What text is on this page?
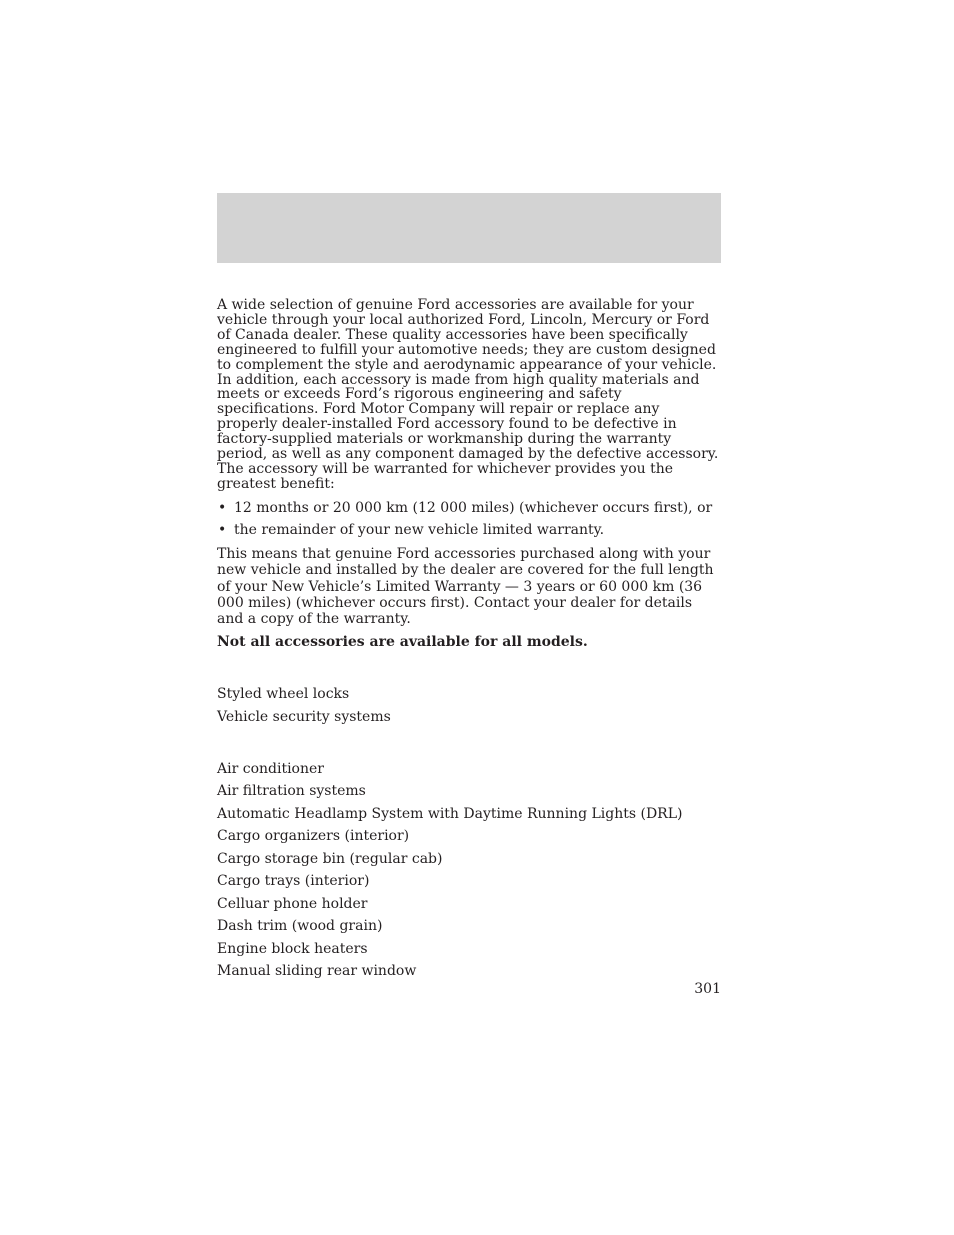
A wide selection of genuine Ford accessories are available for your vehicle through your local authorized Ford, Lincoln, Mercury or Ford of Canada dealer. These quality accessories have been specifically engineered to fulfill your automotive needs; they are custom designed to complement the style and aerodynamic appearance of your vehicle. In addition, each accessory is made from high quality materials and meets or exceeds Ford’s rigorous engineering and safety specifications. Ford Motor Company will repair or replace any properly dealer-installed Ford accessory found to be defective in factory-supplied materials or workmanship during the warranty period, as well as any component damaged by the defective accessory. The accessory will be warranted for whichever provides you the greatest benefit:

• 12 months or 20 000 km (12 000 miles) (whichever occurs first), or
• the remainder of your new vehicle limited warranty.

This means that genuine Ford accessories purchased along with your new vehicle and installed by the dealer are covered for the full length of your New Vehicle’s Limited Warranty — 3 years or 60 000 km (36 000 miles) (whichever occurs first). Contact your dealer for details and a copy of the warranty.

Not all accessories are available for all models.

Styled wheel locks
Vehicle security systems
Air conditioner
Air filtration systems
Automatic Headlamp System with Daytime Running Lights (DRL)
Cargo organizers (interior)
Cargo storage bin (regular cab)
Cargo trays (interior)
Celluar phone holder
Dash trim (wood grain)
Engine block heaters
Manual sliding rear window
301
